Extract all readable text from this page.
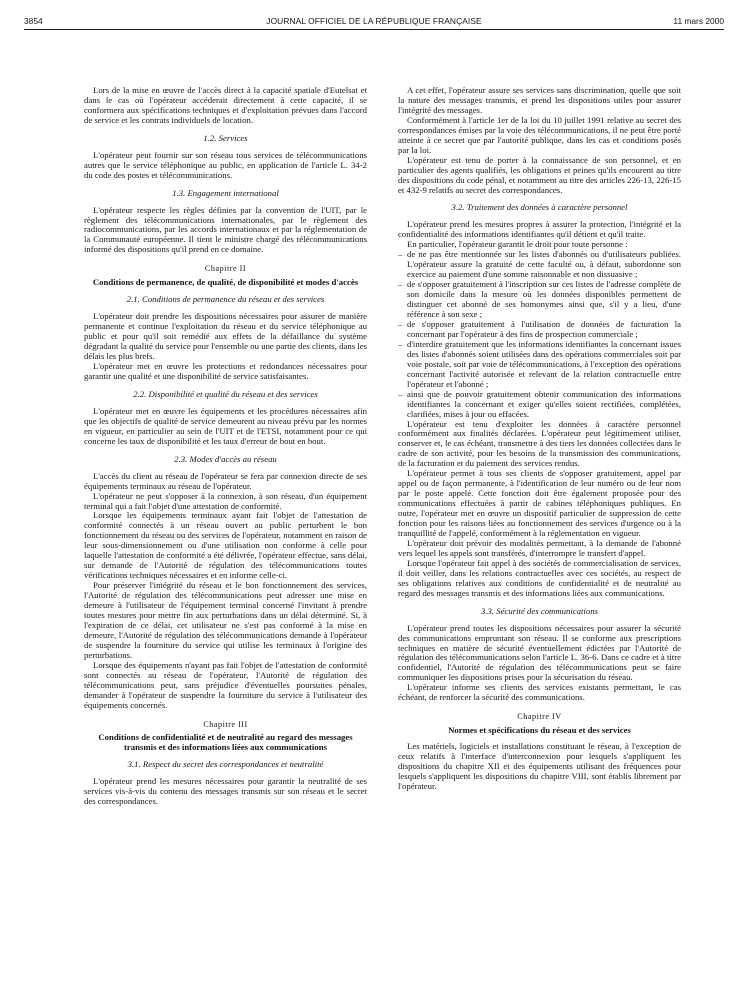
3854	JOURNAL OFFICIEL DE LA RÉPUBLIQUE FRANÇAISE	11 mars 2000

Lors de la mise en œuvre de l'accès direct à la capacité spatiale d'Eutelsat et dans le cas où l'opérateur accéderait directement à cette capacité, il se conformera aux spécifications techniques et d'exploitation prévues dans l'accord de service et les contrats individuels de location.

1.2. Services

L'opérateur peut fournir sur son réseau tous services de télécommunications autres que le service téléphonique au public, en application de l'article L. 34-2 du code des postes et télécommunications.

1.3. Engagement international

L'opérateur respecte les règles définies par la convention de l'UIT, par le règlement des télécommunications internationales, par le règlement des radiocommunications, par les accords internationaux et par la réglementation de la Communauté européenne. Il tient le ministre chargé des télécommunications informé des dispositions qu'il prend en ce domaine.

Chapitre II
Conditions de permanence, de qualité, de disponibilité et modes d'accès
2.1. Conditions de permanence du réseau et des services

L'opérateur doit prendre les dispositions nécessaires pour assurer de manière permanente et continue l'exploitation du réseau et du service téléphonique au public et pour qu'il soit remédié aux effets de la défaillance du système dégradant la qualité du service pour l'ensemble ou une partie des clients, dans les délais les plus brefs.

L'opérateur met en œuvre les protections et redondances nécessaires pour garantir une qualité et une disponibilité de service satisfaisantes.

2.2. Disponibilité et qualité du réseau et des services

L'opérateur met en œuvre les équipements et les procédures nécessaires afin que les objectifs de qualité de service demeurent au niveau prévu par les normes en vigueur, en particulier au sein de l'UIT et de l'ETSI, notamment pour ce qui concerne les taux de disponibilité et les taux d'erreur de bout en bout.

2.3. Modes d'accès au réseau

L'accès du client au réseau de l'opérateur se fera par connexion directe de ses équipements terminaux au réseau de l'opérateur.

L'opérateur ne peut s'opposer à la connexion, à son réseau, d'un équipement terminal qui a fait l'objet d'une attestation de conformité.

Lorsque les équipements terminaux ayant fait l'objet de l'attestation de conformité connectés à un réseau ouvert au public perturbent le bon fonctionnement du réseau ou des services de l'opérateur, notamment en raison de leur sous-dimensionnement ou d'une utilisation non conforme à celle pour laquelle l'attestation de conformité a été délivrée, l'opérateur effectue, sans délai, sur demande de l'Autorité de régulation des télécommunications toutes vérifications techniques nécessaires et en informe celle-ci.

Pour préserver l'intégrité du réseau et le bon fonctionnement des services, l'Autorité de régulation des télécommunications peut adresser une mise en demeure à l'utilisateur de l'équipement terminal concerné l'invitant à prendre toutes mesures pour mettre fin aux perturbations dans un délai déterminé. Si, à l'expiration de ce délai, cet utilisateur ne s'est pas conformé à la mise en demeure, l'Autorité de régulation des télécommunications demande à l'opérateur de suspendre la fourniture du service qui utilise les terminaux à l'origine des perturbations.

Lorsque des équipements n'ayant pas fait l'objet de l'attestation de conformité sont connectés au réseau de l'opérateur, l'Autorité de régulation des télécommunications peut, sans préjudice d'éventuelles poursuites pénales, demander à l'opérateur de suspendre la fourniture du service à l'utilisateur des équipements concernés.

Chapitre III
Conditions de confidentialité et de neutralité au regard des messages transmis et des informations liées aux communications
3.1. Respect du secret des correspondances et neutralité

L'opérateur prend les mesures nécessaires pour garantir la neutralité de ses services vis-à-vis du contenu des messages transmis sur son réseau et le secret des correspondances.

A cet effet, l'opérateur assure ses services sans discrimination, quelle que soit la nature des messages transmis, et prend les dispositions utiles pour assurer l'intégrité des messages.

Conformément à l'article 1er de la loi du 10 juillet 1991 relative au secret des correspondances émises par la voie des télécommunications, il ne peut être porté atteinte à ce secret que par l'autorité publique, dans les cas et conditions posés par la loi.

L'opérateur est tenu de porter à la connaissance de son personnel, et en particulier des agents qualifiés, les obligations et peines qu'ils encourent au titre des dispositions du code pénal, et notamment au titre des articles 226-13, 226-15 et 432-9 relatifs au secret des correspondances.

3.2. Traitement des données à caractère personnel

L'opérateur prend les mesures propres à assurer la protection, l'intégrité et la confidentialité des informations identifiantes qu'il détient et qu'il traite.

En particulier, l'opérateur garantit le droit pour toute personne :

– de ne pas être mentionnée sur les listes d'abonnés ou d'utilisateurs publiées. L'opérateur assure la gratuité de cette faculté ou, à défaut, subordonne son exercice au paiement d'une somme raisonnable et non dissuasive ;
– de s'opposer gratuitement à l'inscription sur ces listes de l'adresse complète de son domicile dans la mesure où les données disponibles permettent de distinguer cet abonné de ses homonymes ainsi que, s'il y a lieu, d'une référence à son sexe ;
– de s'opposer gratuitement à l'utilisation de données de facturation la concernant par l'opérateur à des fins de prospection commerciale ;
– d'interdire gratuitement que les informations identifiantes la concernant issues des listes d'abonnés soient utilisées dans des opérations commerciales soit par voie postale, soit par voie de télécommunications, à l'exception des opérations concernant l'activité autorisée et relevant de la relation contractuelle entre l'opérateur et l'abonné ;
– ainsi que de pouvoir gratuitement obtenir communication des informations identifiantes la concernant et exiger qu'elles soient rectifiées, complétées, clarifiées, mises à jour ou effacées.

L'opérateur est tenu d'exploiter les données à caractère personnel conformément aux finalités déclarées. L'opérateur peut légitimement utiliser, conserver et, le cas échéant, transmettre à des tiers les données collectées dans le cadre de son activité, pour les besoins de la transmission des communications, de la facturation et du paiement des services rendus.

L'opérateur permet à tous ses clients de s'opposer gratuitement, appel par appel ou de façon permanente, à l'identification de leur numéro ou de leur nom par le poste appelé. Cette fonction doit être également proposée pour des communications effectuées à partir de cabines téléphoniques publiques. En outre, l'opérateur met en œuvre un dispositif particulier de suppression de cette fonction pour les raisons liées au fonctionnement des services d'urgence ou à la tranquillité de l'appelé, conformément à la réglementation en vigueur.

L'opérateur doit prévoir des modalités permettant, à la demande de l'abonné vers lequel les appels sont transférés, d'interrompre le transfert d'appel.

Lorsque l'opérateur fait appel à des sociétés de commercialisation de services, il doit veiller, dans les relations contractuelles avec ces sociétés, au respect de ses obligations relatives aux conditions de confidentialité et de neutralité au regard des messages transmis et des informations liées aux communications.

3.3. Sécurité des communications

L'opérateur prend toutes les dispositions nécessaires pour assurer la sécurité des communications empruntant son réseau. Il se conforme aux prescriptions techniques en matière de sécurité éventuellement édictées par l'Autorité de régulation des télécommunications selon l'article L. 36-6. Dans ce cadre et à titre confidentiel, l'Autorité de régulation des télécommunications peut se faire communiquer les dispositions prises pour la sécurisation du réseau.

L'opérateur informe ses clients des services existants permettant, le cas échéant, de renforcer la sécurité des communications.

Chapitre IV
Normes et spécifications du réseau et des services

Les matériels, logiciels et installations constituant le réseau, à l'exception de ceux relatifs à l'interface d'interconnexion pour lesquels s'appliquent les dispositions du chapitre XII et des équipements utilisant des fréquences pour lesquels s'appliquent les dispositions du chapitre VIII, sont établis librement par l'opérateur.
